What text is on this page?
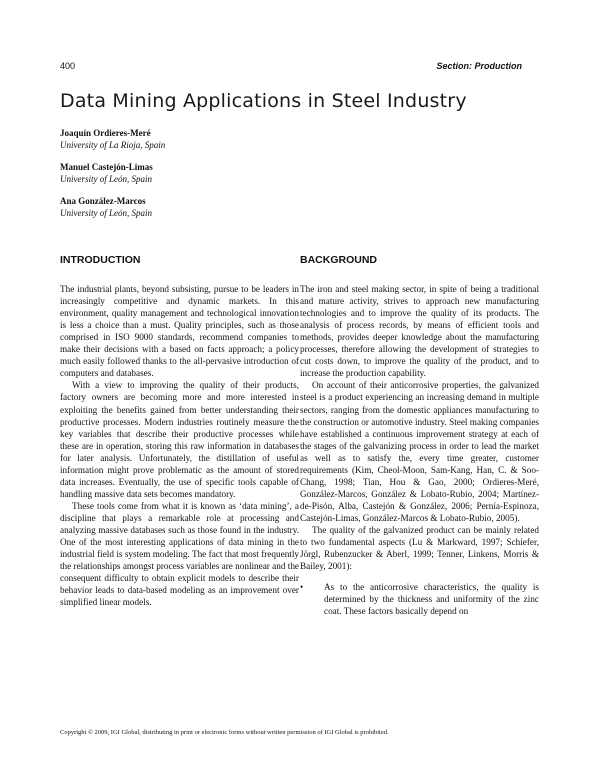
400	Section: Production
Data Mining Applications in Steel Industry
Joaquín Ordieres-Meré
University of La Rioja, Spain
Manuel Castejón-Limas
University of León, Spain
Ana González-Marcos
University of León, Spain
INTRODUCTION

The industrial plants, beyond subsisting, pursue to be leaders in increasingly competitive and dynamic markets. In this environment, quality management and technological innovation is less a choice than a must. Quality principles, such as those comprised in ISO 9000 standards, recommend companies to make their decisions with a based on facts approach; a policy much easily followed thanks to the all-pervasive introduction of computers and databases.

With a view to improving the quality of their products, factory owners are becoming more and more interested in exploiting the benefits gained from better understanding their productive processes. Modern industries routinely measure the key variables that describe their productive processes while these are in operation, storing this raw information in databases for later analysis. Unfortunately, the distillation of useful information might prove problematic as the amount of stored data increases. Eventually, the use of specific tools capable of handling massive data sets becomes mandatory.

These tools come from what it is known as ‘data mining’, a discipline that plays a remarkable role at processing and analyzing massive databases such as those found in the industry. One of the most interesting applications of data mining in the industrial field is system modeling. The fact that most frequently the relationships amongst process variables are nonlinear and the consequent difficulty to obtain explicit models to describe their behavior leads to data-based modeling as an improvement over simplified linear models.

BACKGROUND

The iron and steel making sector, in spite of being a traditional and mature activity, strives to approach new manufacturing technologies and to improve the quality of its products. The analysis of process records, by means of efficient tools and methods, provides deeper knowledge about the manufacturing processes, therefore allowing the development of strategies to cut costs down, to improve the quality of the product, and to increase the production capability.

On account of their anticorrosive properties, the galvanized steel is a product experiencing an increasing demand in multiple sectors, ranging from the domestic appliances manufacturing to the construction or automotive industry. Steel making companies have established a continuous improvement strategy at each of the stages of the galvanizing process in order to lead the market as well as to satisfy the, every time greater, customer requirements (Kim, Cheol-Moon, Sam-Kang, Han, C. & Soo-Chang, 1998; Tian, Hou & Gao, 2000; Ordieres-Meré, González-Marcos, González & Lobato-Rubio, 2004; Martínez-de-Pisón, Alba, Castejón & González, 2006; Pernía-Espinoza, Castejón-Limas, González-Marcos & Lobato-Rubio, 2005).

The quality of the galvanized product can be mainly related to two fundamental aspects (Lu & Markward, 1997; Schiefer, Jörgl, Rubenzucker & Aberl, 1999; Tenner, Linkens, Morris & Bailey, 2001):

•	As to the anticorrosive characteristics, the quality is determined by the thickness and uniformity of the zinc coat. These factors basically depend on
Copyright © 2009, IGI Global, distributing in print or electronic forms without written permission of IGI Global is prohibited.
